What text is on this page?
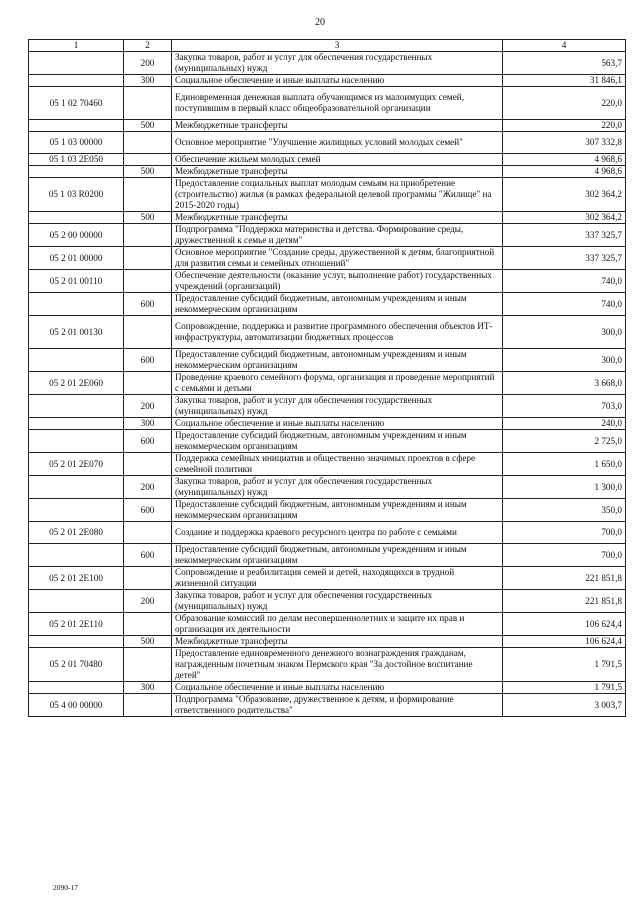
20
1	2	3	4
	200	Закупка товаров, работ и услуг для обеспечения государственных (муниципальных) нужд	563,7
	300	Социальное обеспечение и иные выплаты населению	31 846,1
05 1 02 70460		Единовременная денежная выплата обучающимся из малоимущих семей, поступившим в первый класс общеобразовательной организации	220,0
	500	Межбюджетные трансферты	220,0
05 1 03 00000		Основное мероприятие "Улучшение жилищных условий молодых семей"	307 332,8
05 1 03 2Е050		Обеспечение жильем молодых семей	4 968,6
	500	Межбюджетные трансферты	4 968,6
05 1 03 R0200		Предоставление социальных выплат молодым семьям на приобретение (строительство) жилья (в рамках федеральной целевой программы "Жилище" на 2015-2020 годы)	302 364,2
	500	Межбюджетные трансферты	302 364,2
05 2 00 00000		Подпрограмма "Поддержка материнства и детства. Формирование среды, дружественной к семье и детям"	337 325,7
05 2 01 00000		Основное мероприятие "Создание среды, дружественной к детям, благоприятной для развития семьи и семейных отношений"	337 325,7
05 2 01 00110		Обеспечение деятельности (оказание услуг, выполнение работ) государственных учреждений (организаций)	740,0
	600	Предоставление субсидий бюджетным, автономным учреждениям и иным некоммерческим организациям	740,0
05 2 01 00130		Сопровождение, поддержка и развитие программного обеспечения объектов ИТ-инфраструктуры, автоматизации бюджетных процессов	300,0
	600	Предоставление субсидий бюджетным, автономным учреждениям и иным некоммерческим организациям	300,0
05 2 01 2Е060		Проведение краевого семейного форума, организация и проведение мероприятий с семьями и детьми	3 668,0
	200	Закупка товаров, работ и услуг для обеспечения государственных (муниципальных) нужд	703,0
	300	Социальное обеспечение и иные выплаты населению	240,0
	600	Предоставление субсидий бюджетным, автономным учреждениям и иным некоммерческим организациям	2 725,0
05 2 01 2Е070		Поддержка семейных инициатив и общественно значимых проектов в сфере семейной политики	1 650,0
	200	Закупка товаров, работ и услуг для обеспечения государственных (муниципальных) нужд	1 300,0
	600	Предоставление субсидий бюджетным, автономным учреждениям и иным некоммерческим организациям	350,0
05 2 01 2Е080		Создание и поддержка краевого ресурсного центра по работе с семьями	700,0
	600	Предоставление субсидий бюджетным, автономным учреждениям и иным некоммерческим организациям	700,0
05 2 01 2Е100		Сопровождение и реабилитация семей и детей, находящихся в трудной жизненной ситуации	221 851,8
	200	Закупка товаров, работ и услуг для обеспечения государственных (муниципальных) нужд	221 851,8
05 2 01 2Е110		Образование комиссий по делам несовершеннолетних и защите их прав и организация их деятельности	106 624,4
	500	Межбюджетные трансферты	106 624,4
05 2 01 70480		Предоставление единовременного денежного вознаграждения гражданам, награжденным почетным знаком Пермского края "За достойное воспитание детей"	1 791,5
	300	Социальное обеспечение и иные выплаты населению	1 791,5
05 4 00 00000		Подпрограмма "Образование, дружественное к детям, и формирование ответственного родительства"	3 003,7
2090-17
